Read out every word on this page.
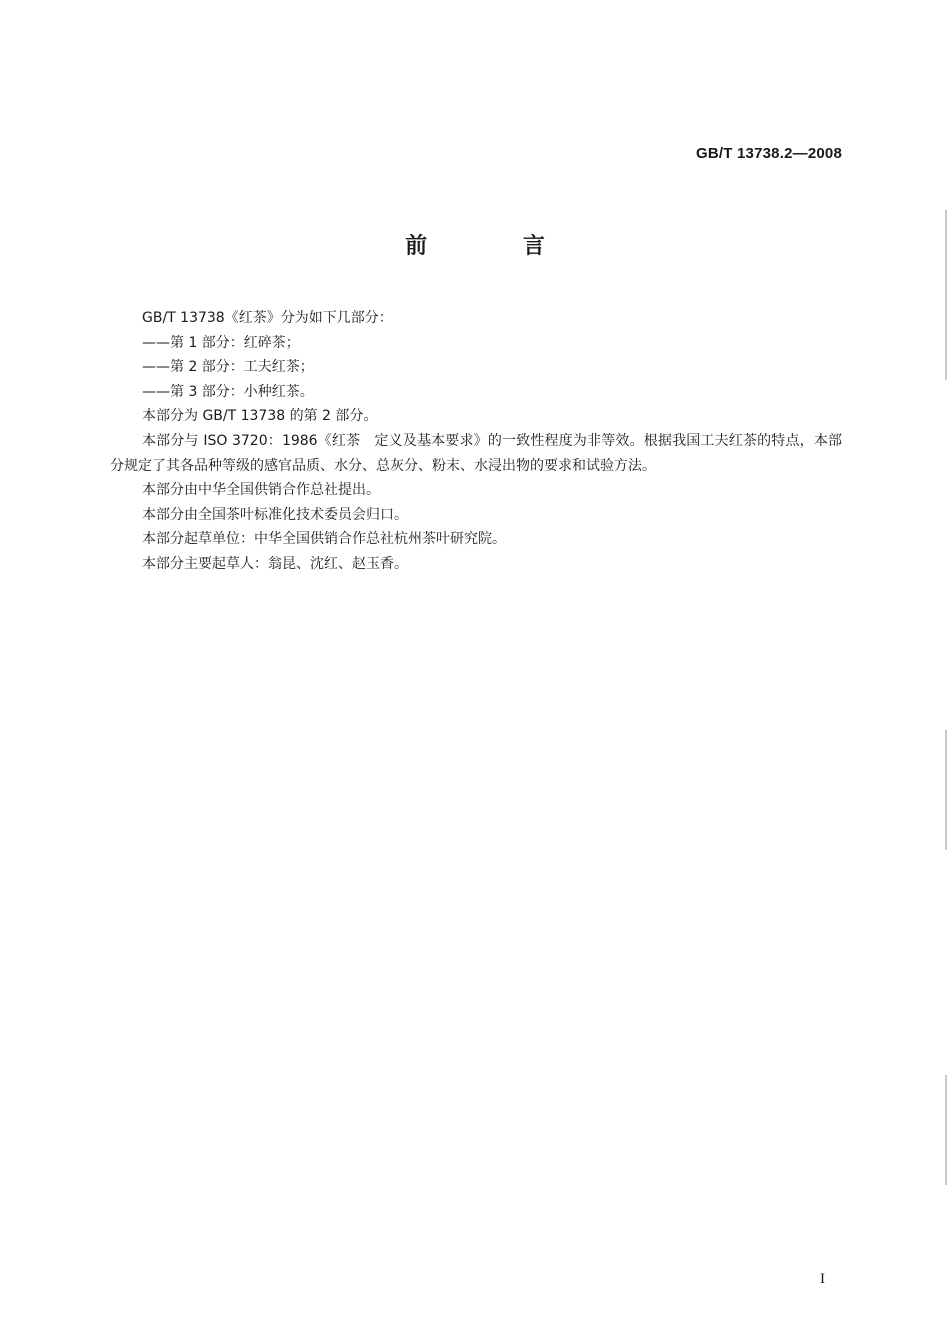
GB/T 13738.2—2008
前 言

GB/T 13738《红茶》分为如下几部分：

——第 1 部分：红碎茶；

——第 2 部分：工夫红茶；

——第 3 部分：小种红茶。

本部分为 GB/T 13738 的第 2 部分。

本部分与 ISO 3720：1986《红茶　定义及基本要求》的一致性程度为非等效。根据我国工夫红茶的特点，本部分规定了其各品种等级的感官品质、水分、总灰分、粉末、水浸出物的要求和试验方法。

本部分由中华全国供销合作总社提出。

本部分由全国茶叶标准化技术委员会归口。

本部分起草单位：中华全国供销合作总社杭州茶叶研究院。

本部分主要起草人：翁昆、沈红、赵玉香。

I
